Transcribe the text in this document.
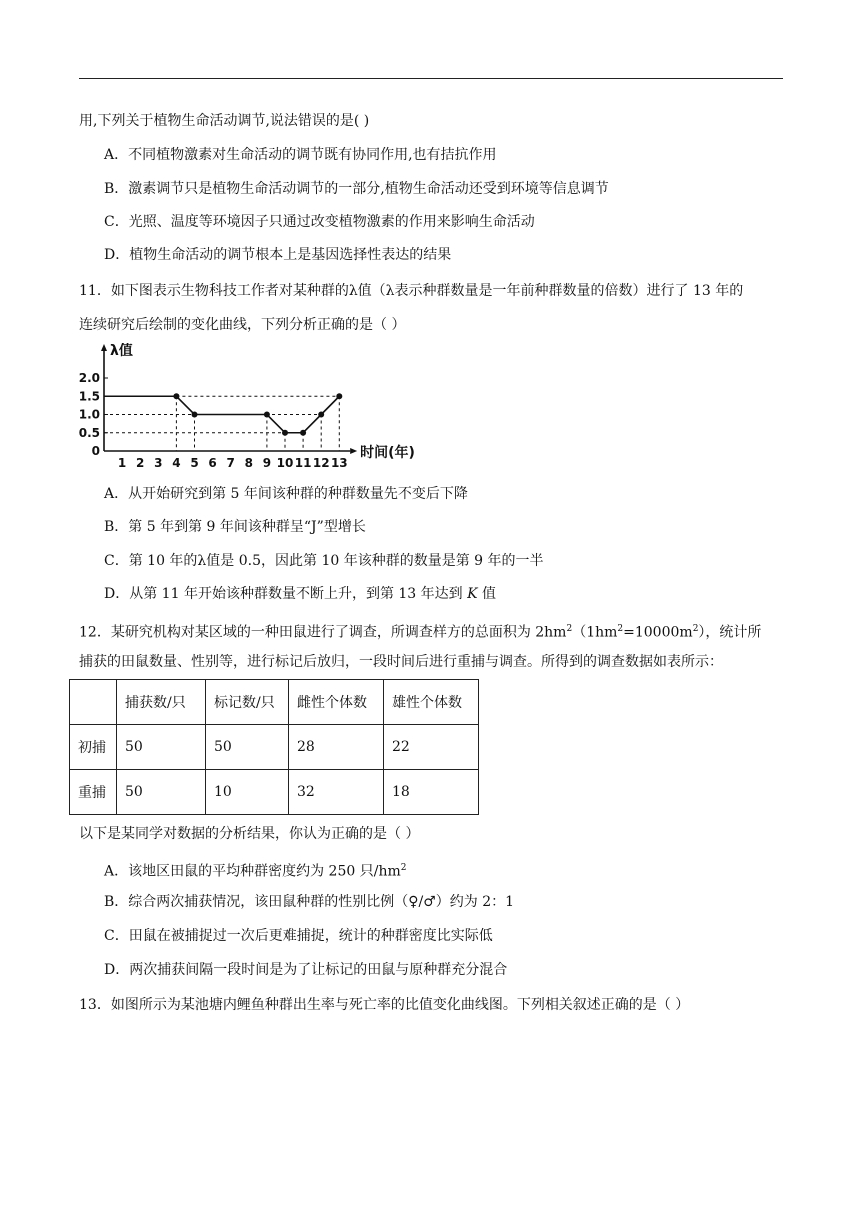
用,下列关于植物生命活动调节,说法错误的是( )
A．不同植物激素对生命活动的调节既有协同作用,也有拮抗作用
B．激素调节只是植物生命活动调节的一部分,植物生命活动还受到环境等信息调节
C．光照、温度等环境因子只通过改变植物激素的作用来影响生命活动
D．植物生命活动的调节根本上是基因选择性表达的结果
11．如下图表示生物科技工作者对某种群的λ值（λ表示种群数量是一年前种群数量的倍数）进行了 13 年的
连续研究后绘制的变化曲线，下列分析正确的是（ ）
0
0.5
1.0
1.5
2.0
1 2 3 4 5 6 7 8 9 10 11 12 13
λ值
时间(年)
A．从开始研究到第 5 年间该种群的种群数量先不变后下降
B．第 5 年到第 9 年间该种群呈“J”型增长
C．第 10 年的λ值是 0.5，因此第 10 年该种群的数量是第 9 年的一半
D．从第 11 年开始该种群数量不断上升，到第 13 年达到 K 值
12．某研究机构对某区域的一种田鼠进行了调查，所调查样方的总面积为 $2hm^2(1hm^2=10000m^2)$，统计所
捕获的田鼠数量、性别等，进行标记后放归，一段时间后进行重捕与调查。所得到的调查数据如表所示：
	捕获数/只	标记数/只	雌性个体数	雄性个体数
初捕	50	50	28	22
重捕	50	10	32	18
以下是某同学对数据的分析结果，你认为正确的是（ ）
A．该地区田鼠的平均种群密度约为 250 只$/hm^2$
B．综合两次捕获情况，该田鼠种群的性别比例（♀/♂）约为 2：1
C．田鼠在被捕捉过一次后更难捕捉，统计的种群密度比实际低
D．两次捕获间隔一段时间是为了让标记的田鼠与原种群充分混合
13．如图所示为某池塘内鲤鱼种群出生率与死亡率的比值变化曲线图。下列相关叙述正确的是（ ）
